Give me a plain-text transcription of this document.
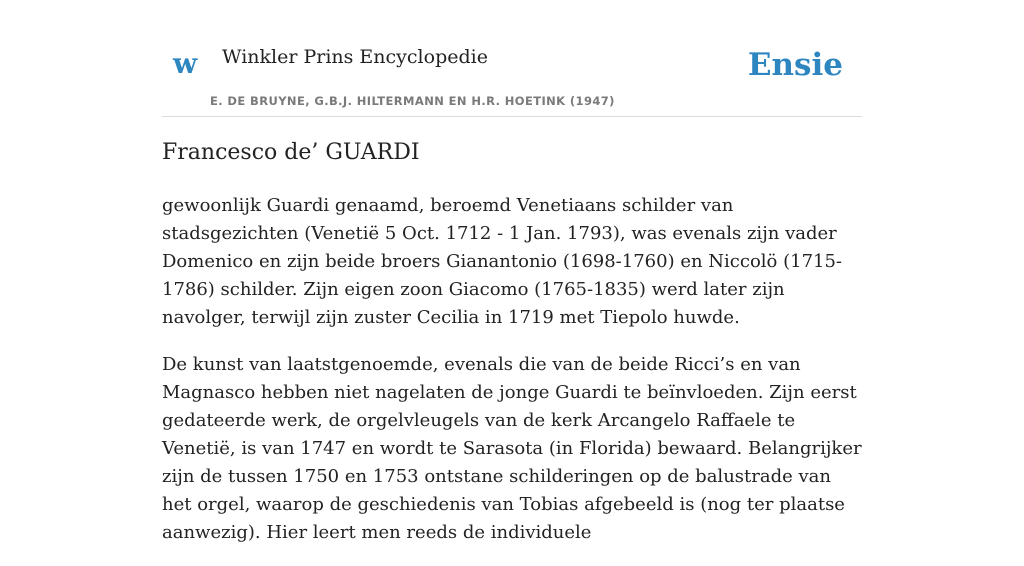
w Winkler Prins Encyclopedie
E. DE BRUYNE, G.B.J. HILTERMANN EN H.R. HOETINK (1947)
Ensie
Francesco de’ GUARDI

gewoonlijk Guardi genaamd, beroemd Venetiaans schilder van stadsgezichten (Venetië 5 Oct. 1712 - 1 Jan. 1793), was evenals zijn vader Domenico en zijn beide broers Gianantonio (1698-1760) en Niccolö (1715-1786) schilder. Zijn eigen zoon Giacomo (1765-1835) werd later zijn navolger, terwijl zijn zuster Cecilia in 1719 met Tiepolo huwde.

De kunst van laatstgenoemde, evenals die van de beide Ricci’s en van Magnasco hebben niet nagelaten de jonge Guardi te beïnvloeden. Zijn eerst gedateerde werk, de orgelvleugels van de kerk Arcangelo Raffaele te Venetië, is van 1747 en wordt te Sarasota (in Florida) bewaard. Belangrijker zijn de tussen 1750 en 1753 ontstane schilderingen op de balustrade van het orgel, waarop de geschiedenis van Tobias afgebeeld is (nog ter plaatse aanwezig). Hier leert men reeds de individuele
